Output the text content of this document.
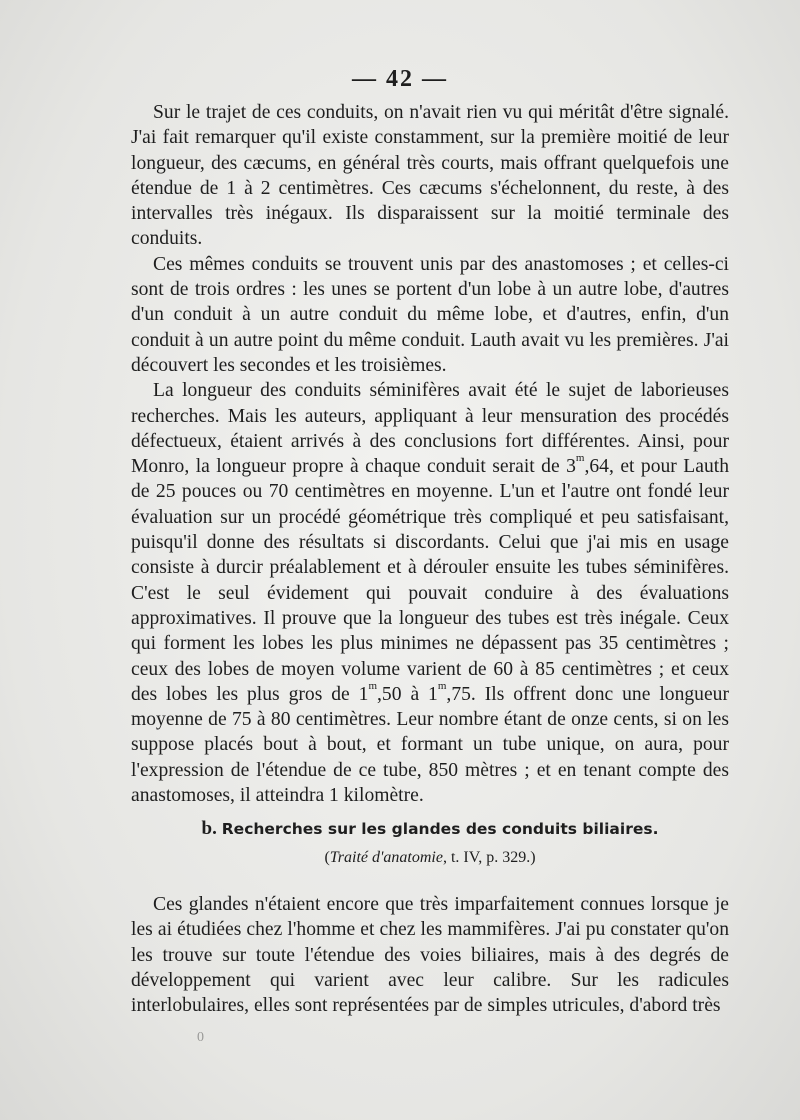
— 42 —

Sur le trajet de ces conduits, on n'avait rien vu qui méritât d'être signalé. J'ai fait remarquer qu'il existe constamment, sur la première moitié de leur longueur, des cæcums, en général très courts, mais offrant quelquefois une étendue de 1 à 2 centimètres. Ces cæcums s'échelonnent, du reste, à des intervalles très inégaux. Ils disparaissent sur la moitié terminale des conduits.

Ces mêmes conduits se trouvent unis par des anastomoses ; et celles-ci sont de trois ordres : les unes se portent d'un lobe à un autre lobe, d'autres d'un conduit à un autre conduit du même lobe, et d'autres, enfin, d'un conduit à un autre point du même conduit. Lauth avait vu les premières. J'ai découvert les secondes et les troisièmes.

La longueur des conduits séminifères avait été le sujet de laborieuses recherches. Mais les auteurs, appliquant à leur mensuration des procédés défectueux, étaient arrivés à des conclusions fort différentes. Ainsi, pour Monro, la longueur propre à chaque conduit serait de 3$^m$,64, et pour Lauth de 25 pouces ou 70 centimètres en moyenne. L'un et l'autre ont fondé leur évaluation sur un procédé géométrique très compliqué et peu satisfaisant, puisqu'il donne des résultats si discordants. Celui que j'ai mis en usage consiste à durcir préalablement et à dérouler ensuite les tubes séminifères. C'est le seul évidement qui pouvait conduire à des évaluations approximatives. Il prouve que la longueur des tubes est très inégale. Ceux qui forment les lobes les plus minimes ne dépassent pas 35 centimètres ; ceux des lobes de moyen volume varient de 60 à 85 centimètres ; et ceux des lobes les plus gros de 1$^m$,50 à 1$^m$,75. Ils offrent donc une longueur moyenne de 75 à 80 centimètres. Leur nombre étant de onze cents, si on les suppose placés bout à bout, et formant un tube unique, on aura, pour l'expression de l'étendue de ce tube, 850 mètres ; et en tenant compte des anastomoses, il atteindra 1 kilomètre.

b. Recherches sur les glandes des conduits biliaires.
(Traité d'anatomie, t. IV, p. 329.)

Ces glandes n'étaient encore que très imparfaitement connues lorsque je les ai étudiées chez l'homme et chez les mammifères. J'ai pu constater qu'on les trouve sur toute l'étendue des voies biliaires, mais à des degrés de développement qui varient avec leur calibre. Sur les radicules interlobulaires, elles sont représentées par de simples utricules, d'abord très

0
